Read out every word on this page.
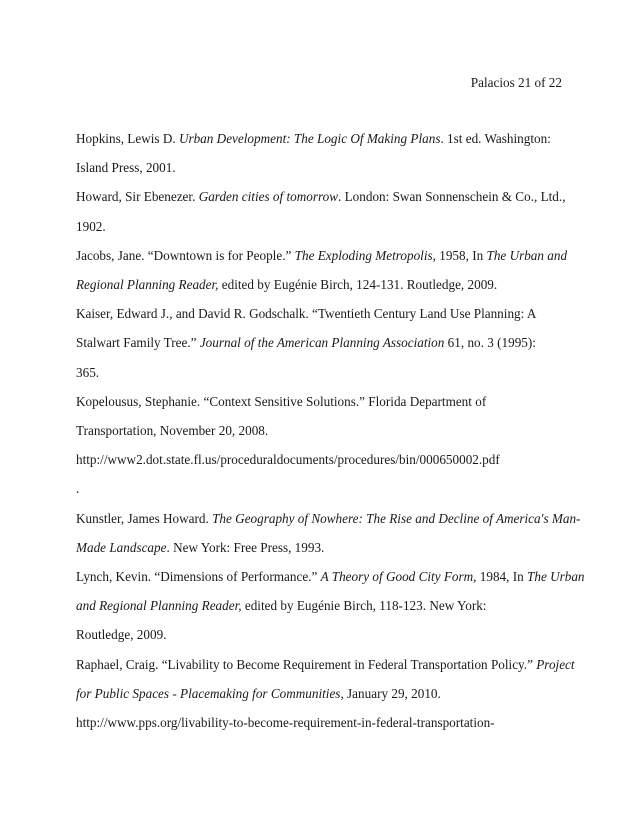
Palacios 21 of 22
Hopkins, Lewis D. Urban Development: The Logic Of Making Plans. 1st ed. Washington:
Island Press, 2001.
Howard, Sir Ebenezer. Garden cities of tomorrow. London: Swan Sonnenschein & Co., Ltd.,
1902.
Jacobs, Jane. “Downtown is for People.” The Exploding Metropolis, 1958, In The Urban and
Regional Planning Reader, edited by Eugénie Birch, 124-131. Routledge, 2009.
Kaiser, Edward J., and David R. Godschalk. “Twentieth Century Land Use Planning: A
Stalwart Family Tree.” Journal of the American Planning Association 61, no. 3 (1995):
365.
Kopelousus, Stephanie. “Context Sensitive Solutions.” Florida Department of
Transportation, November 20, 2008.
http://www2.dot.state.fl.us/proceduraldocuments/procedures/bin/000650002.pdf
.
Kunstler, James Howard. The Geography of Nowhere: The Rise and Decline of America's Man-
Made Landscape. New York: Free Press, 1993.
Lynch, Kevin. “Dimensions of Performance.” A Theory of Good City Form, 1984, In The Urban
and Regional Planning Reader, edited by Eugénie Birch, 118-123. New York:
Routledge, 2009.
Raphael, Craig. “Livability to Become Requirement in Federal Transportation Policy.” Project
for Public Spaces - Placemaking for Communities, January 29, 2010.
http://www.pps.org/livability-to-become-requirement-in-federal-transportation-
